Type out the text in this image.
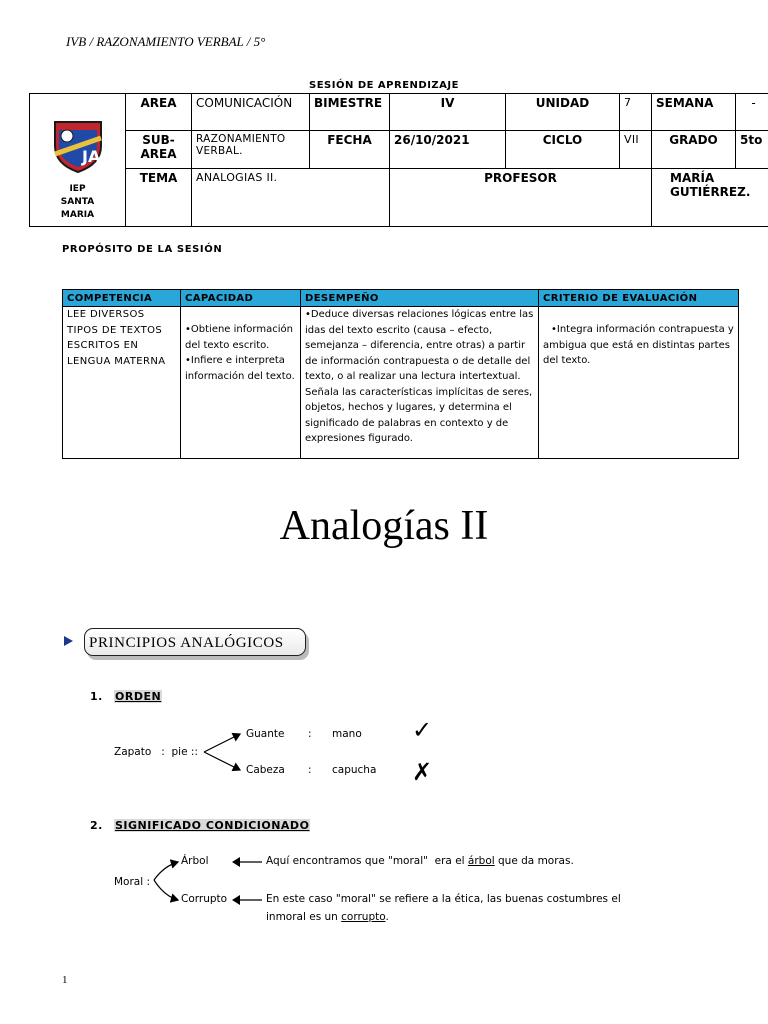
IVB / RAZONAMIENTO VERBAL / 5°
SESIÓN DE APRENDIZAJE
JA
IEP
SANTA
MARIA	AREA	COMUNICACIÓN	BIMESTRE	IV	UNIDAD	7	SEMANA	-
	SUB-AREA	RAZONAMIENTO VERBAL.	FECHA	26/10/2021	CICLO	VII	GRADO	5to
	TEMA	ANALOGIAS II.		PROFESOR			MARÍA GUTIÉRREZ.	
PROPÓSITO DE LA SESIÓN
COMPETENCIA	CAPACIDAD	DESEMPEÑO	CRITERIO DE EVALUACIÓN
LEE DIVERSOS TIPOS DE TEXTOS ESCRITOS EN LENGUA MATERNA	•Obtiene información del texto escrito.
•Infiere e interpreta información del texto.	•Deduce diversas relaciones lógicas entre las idas del texto escrito (causa – efecto, semejanza – diferencia, entre otras) a partir de información contrapuesta o de detalle del texto, o al realizar una lectura intertextual. Señala las características implícitas de seres, objetos, hechos y lugares, y determina el significado de palabras en contexto y de expresiones figurado.	•Integra información contrapuesta y ambigua que está en distintas partes del texto.
Analogías II
PRINCIPIOS ANALÓGICOS
1. ORDEN
Zapato   :  pie ::
Guante : mano ✓
Cabeza : capucha ✗
2. SIGNIFICADO CONDICIONADO
Moral :
Árbol	Aquí encontramos que "moral"  era el árbol que da moras.
Corrupto	En este caso "moral" se refiere a la ética, las buenas costumbres el
inmoral es un corrupto.
1
